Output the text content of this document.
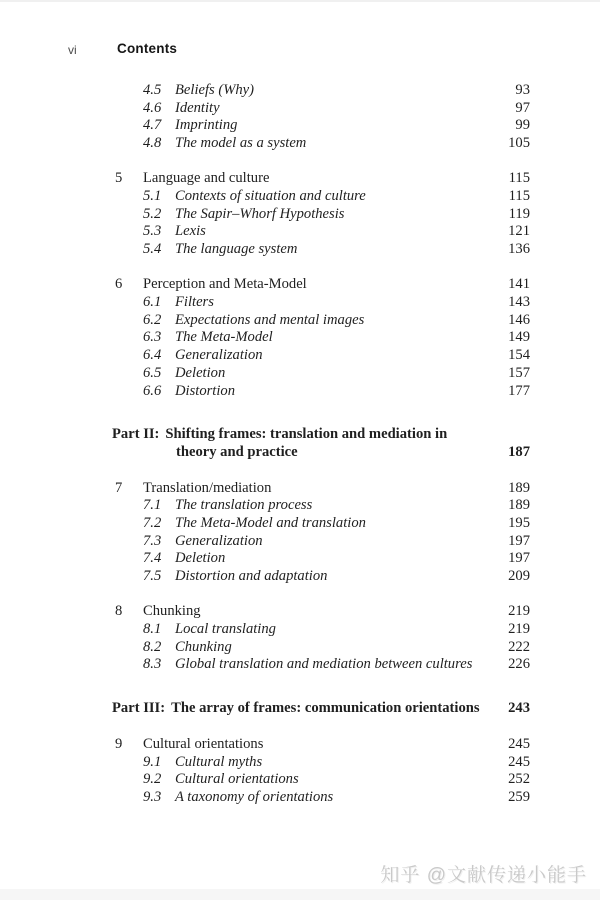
vi	Contents
4.5 Beliefs (Why)	93
4.6 Identity	97
4.7 Imprinting	99
4.8 The model as a system	105
5	Language and culture	115
5.1 Contexts of situation and culture	115
5.2 The Sapir–Whorf Hypothesis	119
5.3 Lexis	121
5.4 The language system	136
6	Perception and Meta-Model	141
6.1 Filters	143
6.2 Expectations and mental images	146
6.3 The Meta-Model	149
6.4 Generalization	154
6.5 Deletion	157
6.6 Distortion	177
Part II: Shifting frames: translation and mediation in
theory and practice	187
7	Translation/mediation	189
7.1 The translation process	189
7.2 The Meta-Model and translation	195
7.3 Generalization	197
7.4 Deletion	197
7.5 Distortion and adaptation	209
8	Chunking	219
8.1 Local translating	219
8.2 Chunking	222
8.3 Global translation and mediation between cultures	226
Part III: The array of frames: communication orientations 243
9	Cultural orientations	245
9.1 Cultural myths	245
9.2 Cultural orientations	252
9.3 A taxonomy of orientations	259
知乎 @文献传递小能手
